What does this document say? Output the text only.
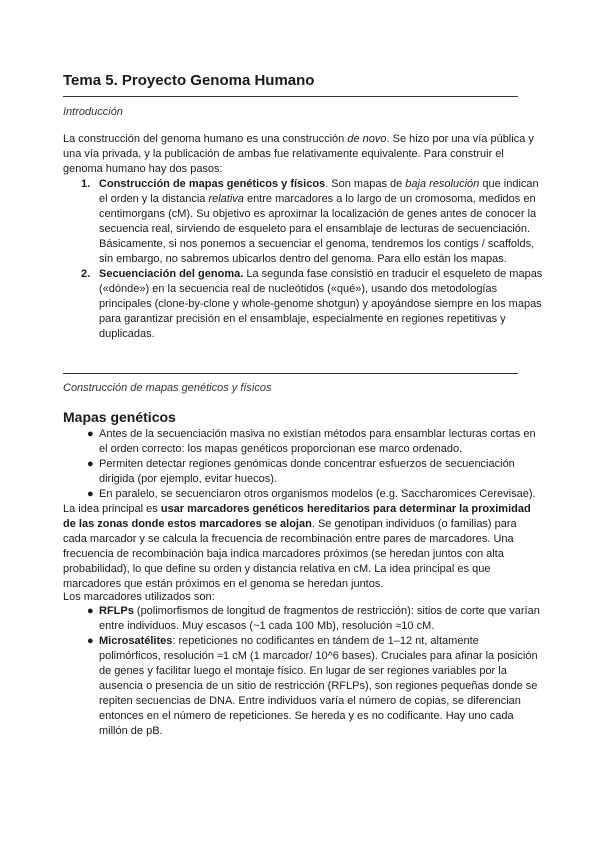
Tema 5. Proyecto Genoma Humano

Introducción

La construcción del genoma humano es una construcción de novo. Se hizo por una vía pública y una vía privada, y la publicación de ambas fue relativamente equivalente. Para construir el genoma humano hay dos pasos:

1. Construcción de mapas genéticos y físicos. Son mapas de baja resolución que indican el orden y la distancia relativa entre marcadores a lo largo de un cromosoma, medidos en centimorgans (cM). Su objetivo es aproximar la localización de genes antes de conocer la secuencia real, sirviendo de esqueleto para el ensamblaje de lecturas de secuenciación. Básicamente, si nos ponemos a secuenciar el genoma, tendremos los contigs / scaffolds, sin embargo, no sabremos ubicarlos dentro del genoma. Para ello están los mapas.
2. Secuenciación del genoma. La segunda fase consistió en traducir el esqueleto de mapas («dónde») en la secuencia real de nucleótidos («qué»), usando dos metodologías principales (clone-by-clone y whole-genome shotgun) y apoyándose siempre en los mapas para garantizar precisión en el ensamblaje, especialmente en regiones repetitivas y duplicadas.

Construcción de mapas genéticos y físicos

Mapas genéticos
● Antes de la secuenciación masiva no existían métodos para ensamblar lecturas cortas en el orden correcto: los mapas genéticos proporcionan ese marco ordenado.
● Permiten detectar regiones genómicas donde concentrar esfuerzos de secuenciación dirigida (por ejemplo, evitar huecos).
● En paralelo, se secuenciaron otros organismos modelos (e.g. Saccharomices Cerevisae).

La idea principal es usar marcadores genéticos hereditarios para determinar la proximidad de las zonas donde estos marcadores se alojan. Se genotipan individuos (o familias) para cada marcador y se calcula la frecuencia de recombinación entre pares de marcadores. Una frecuencia de recombinación baja indica marcadores próximos (se heredan juntos con alta probabilidad), lo que define su orden y distancia relativa en cM. La idea principal es que marcadores que están próximos en el genoma se heredan juntos.

Los marcadores utilizados son:

● RFLPs (polimorfismos de longitud de fragmentos de restricción): sitios de corte que varían entre individuos. Muy escasos (~1 cada 100 Mb), resolución ≈10 cM.
● Microsatélites: repeticiones no codificantes en tándem de 1–12 nt, altamente polimórficos, resolución ≈1 cM (1 marcador/ 10^6 bases). Cruciales para afinar la posición de genes y facilitar luego el montaje físico. En lugar de ser regiones variables por la ausencia o presencia de un sitio de restricción (RFLPs), son regiones pequeñas donde se repiten secuencias de DNA. Entre individuos varía el número de copias, se diferencian entonces en el número de repeticiones. Se hereda y es no codificante. Hay uno cada millón de pB.
